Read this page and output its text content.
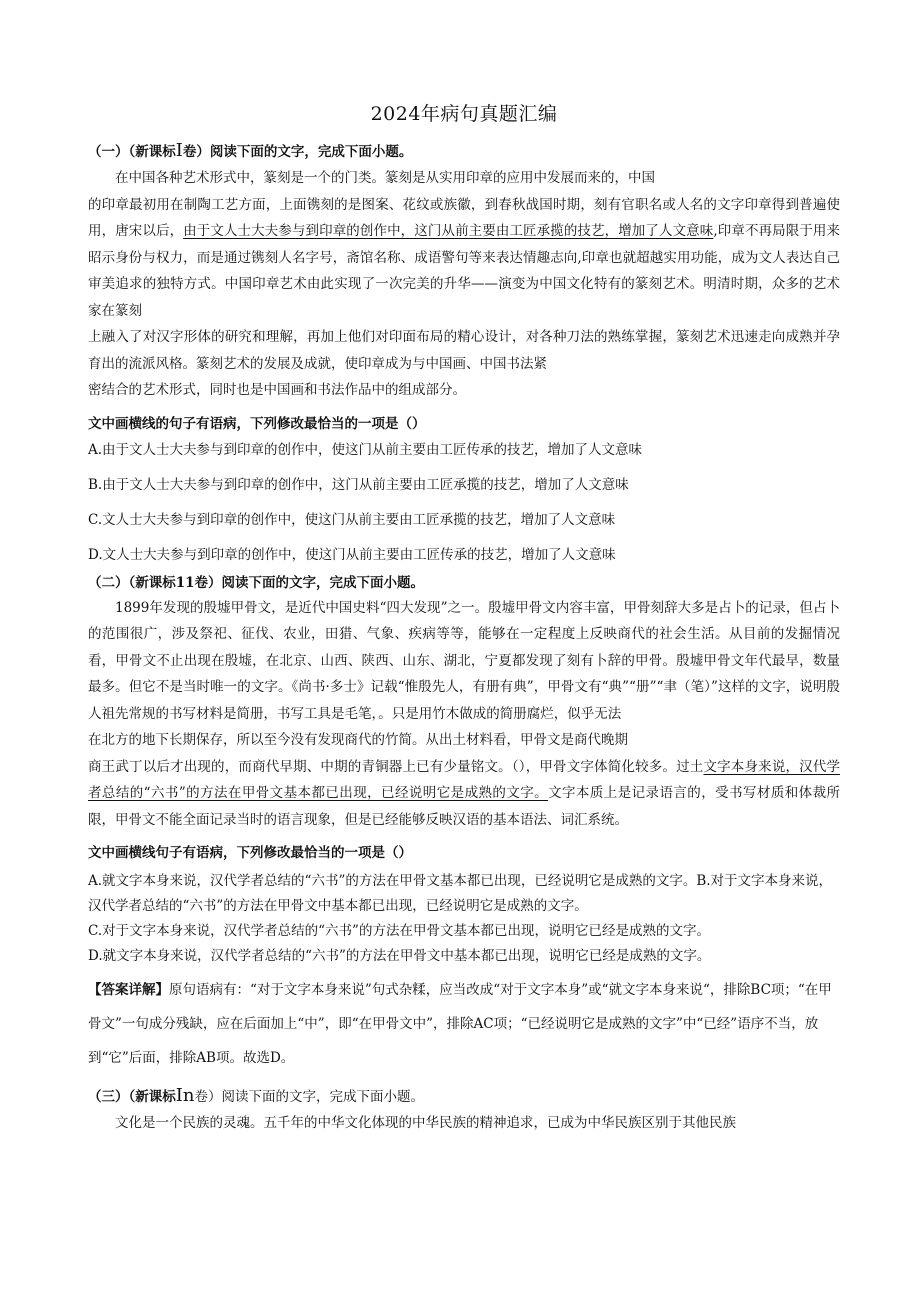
2024年病句真题汇编
（一）（新课标Ⅰ卷）阅读下面的文字，完成下面小题。

在中国各种艺术形式中，篆刻是一个的门类。篆刻是从实用印章的应用中发展而来的，中国

的印章最初用在制陶工艺方面，上面镌刻的是图案、花纹或族徽，到春秋战国时期，刻有官职名或人名的文字印章得到普遍使用，唐宋以后，由于文人士大夫参与到印章的创作中，这门从前主要由工匠承揽的技艺，增加了人文意味,印章不再局限于用来昭示身份与权力，而是通过镌刻人名字号，斋馆名称、成语警句等来表达情趣志向,印章也就超越实用功能，成为文人表达自己审美追求的独特方式。中国印章艺术由此实现了一次完美的升华——演变为中国文化特有的篆刻艺术。明清时期，众多的艺术家在篆刻

上融入了对汉字形体的研究和理解，再加上他们对印面布局的精心设计，对各种刀法的熟练掌握，篆刻艺术迅速走向成熟并孕育出的流派风格。篆刻艺术的发展及成就，使印章成为与中国画、中国书法紧

密结合的艺术形式，同时也是中国画和书法作品中的组成部分。

文中画横线的句子有语病，下列修改最恰当的一项是（）

A.由于文人士大夫参与到印章的创作中，使这门从前主要由工匠传承的技艺，增加了人文意味

B.由于文人士大夫参与到印章的创作中，这门从前主要由工匠承揽的技艺，增加了人文意味

C.文人士大夫参与到印章的创作中，使这门从前主要由工匠承揽的技艺，增加了人文意味

D.文人士大夫参与到印章的创作中，使这门从前主要由工匠传承的技艺，增加了人文意味

（二）（新课标11卷）阅读下面的文字，完成下面小题。

1899年发现的殷墟甲骨文，是近代中国史料“四大发现”之一。殷墟甲骨文内容丰富，甲骨刻辞大多是占卜的记录，但占卜的范围很广，涉及祭祀、征伐、农业，田猎、气象、疾病等等，能够在一定程度上反映商代的社会生活。从目前的发掘情况看，甲骨文不止出现在殷墟，在北京、山西、陕西、山东、湖北，宁夏都发现了刻有卜辞的甲骨。殷墟甲骨文年代最早，数量最多。但它不是当时唯一的文字。《尚书·多士》记载“惟殷先人，有册有典”，甲骨文有“典”“册”“聿（笔）”这样的文字，说明殷人祖先常规的书写材料是简册，书写工具是毛笔，。只是用竹木做成的简册腐烂，似乎无法

在北方的地下长期保存，所以至今没有发现商代的竹简。从出土材料看，甲骨文是商代晚期

商王武丁以后才出现的，而商代早期、中期的青铜器上已有少量铭文。（），甲骨文字体简化较多。过土文字本身来说，汉代学者总结的“六书”的方法在甲骨文基本都已出现，已经说明它是成熟的文字。文字本质上是记录语言的，受书写材质和体裁所限，甲骨文不能全面记录当时的语言现象，但是已经能够反映汉语的基本语法、词汇系统。

文中画横线句子有语病，下列修改最恰当的一项是（）

A.就文字本身来说，汉代学者总结的“六书”的方法在甲骨文基本都已出现，已经说明它是成熟的文字。B.对于文字本身来说，汉代学者总结的“六书”的方法在甲骨文中基本都已出现，已经说明它是成熟的文字。

C.对于文字本身来说，汉代学者总结的“六书”的方法在甲骨文基本都已出现，说明它已经是成熟的文字。

D.就文字本身来说，汉代学者总结的“六书”的方法在甲骨文中基本都已出现，说明它已经是成熟的文字。

【答案详解】原句语病有：“对于文字本身来说”句式杂糅，应当改成“对于文字本身”或“就文字本身来说“，排除BC项；“在甲骨文”一句成分残缺，应在后面加上“中”，即“在甲骨文中”，排除AC项；“已经说明它是成熟的文字”中“已经”语序不当，放到“它”后面，排除AB项。故选D。

（三）（新课标In卷）阅读下面的文字，完成下面小题。

文化是一个民族的灵魂。五千年的中华文化体现的中华民族的精神追求，已成为中华民族区别于其他民族
